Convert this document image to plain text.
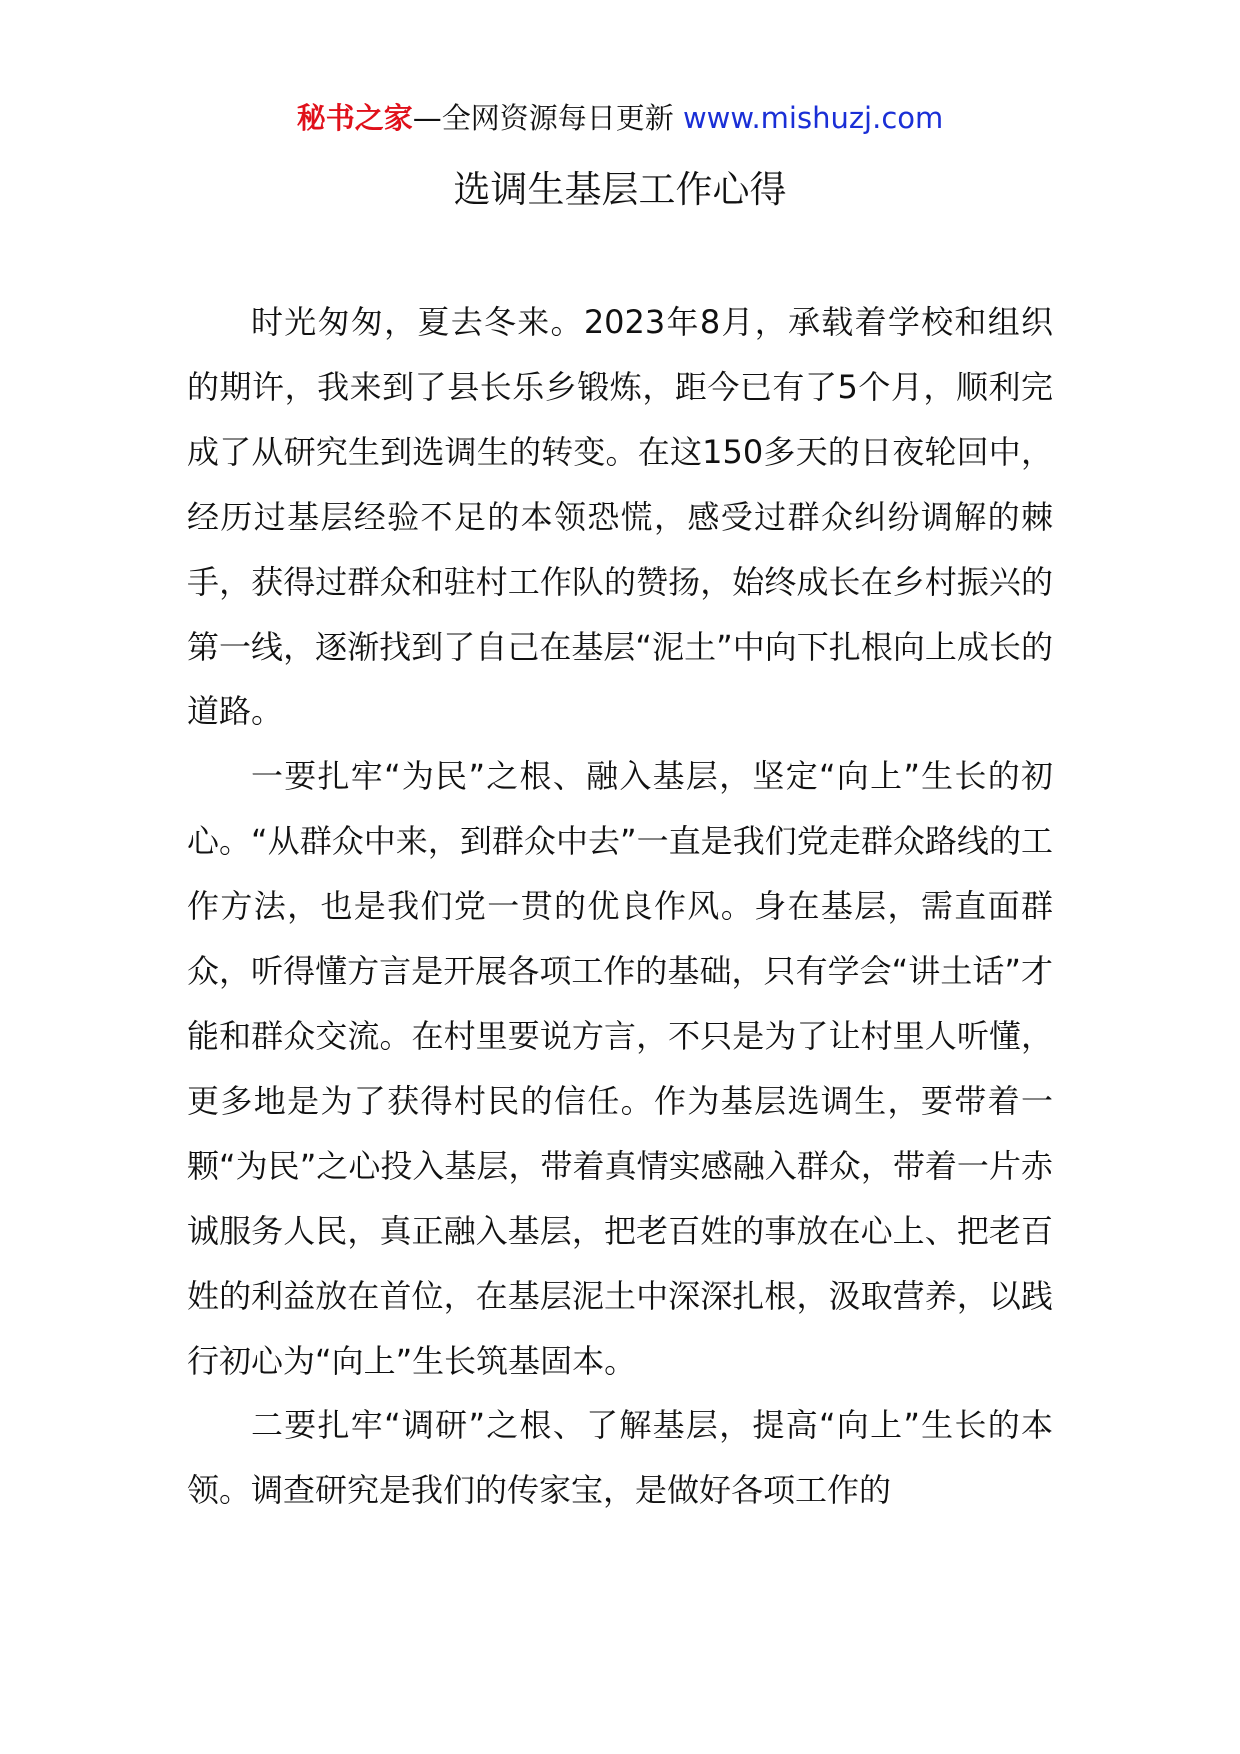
秘书之家—全网资源每日更新 www.mishuzj.com
选调生基层工作心得

时光匆匆，夏去冬来。2023年8月，承载着学校和组织的期许，我来到了县长乐乡锻炼，距今已有了5个月，顺利完成了从研究生到选调生的转变。在这150多天的日夜轮回中，经历过基层经验不足的本领恐慌，感受过群众纠纷调解的棘手，获得过群众和驻村工作队的赞扬，始终成长在乡村振兴的第一线，逐渐找到了自己在基层“泥土”中向下扎根向上成长的道路。

一要扎牢“为民”之根、融入基层，坚定“向上”生长的初心。“从群众中来，到群众中去”一直是我们党走群众路线的工作方法，也是我们党一贯的优良作风。身在基层，需直面群众，听得懂方言是开展各项工作的基础，只有学会“讲土话”才能和群众交流。在村里要说方言，不只是为了让村里人听懂，更多地是为了获得村民的信任。作为基层选调生，要带着一颗“为民”之心投入基层，带着真情实感融入群众，带着一片赤诚服务人民，真正融入基层，把老百姓的事放在心上、把老百姓的利益放在首位，在基层泥土中深深扎根，汲取营养，以践行初心为“向上”生长筑基固本。

二要扎牢“调研”之根、了解基层，提高“向上”生长的本领。调查研究是我们的传家宝，是做好各项工作的
